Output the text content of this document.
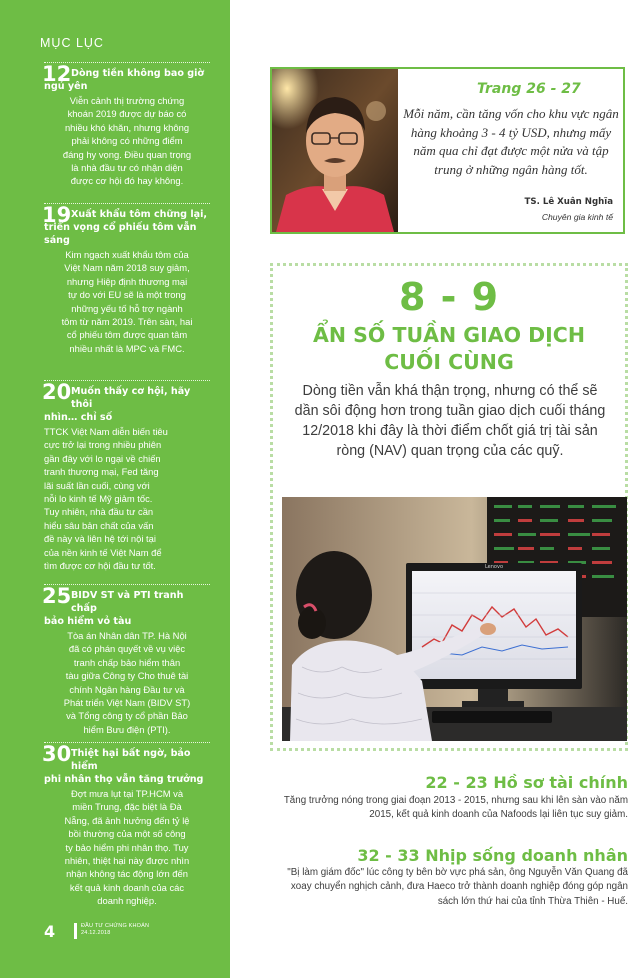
MỤC LỤC
12 Dòng tiền không bao giờ
ngủ yên
Viễn cảnh thị trường chứng
khoán 2019 được dự báo có
nhiều khó khăn, nhưng không
phải không có những điểm
đáng hy vọng. Điều quan trọng
là nhà đầu tư có nhận diện
được cơ hội đó hay không.
19 Xuất khẩu tôm chững lại,
triển vọng cổ phiếu tôm vẫn sáng
Kim ngạch xuất khẩu tôm của
Việt Nam năm 2018 suy giảm,
nhưng Hiệp định thương mại
tự do với EU sẽ là một trong
những yếu tố hỗ trợ ngành
tôm từ năm 2019. Trên sàn, hai
cổ phiếu tôm được quan tâm
nhiều nhất là MPC và FMC.
20 Muốn thấy cơ hội, hãy thôi
nhìn… chỉ số
TTCK Việt Nam diễn biến tiêu
cực trở lại trong nhiều phiên
gần đây với lo ngại về chiến
tranh thương mại, Fed tăng
lãi suất lần cuối, cùng với
nỗi lo kinh tế Mỹ giảm tốc.
Tuy nhiên, nhà đầu tư cần
hiểu sâu bản chất của vấn
đề này và liên hệ tới nội tại
của nền kinh tế Việt Nam để
tìm được cơ hội đầu tư tốt.
25 BIDV ST và PTI tranh chấp
bảo hiểm vỏ tàu
Tòa án Nhân dân TP. Hà Nội
đã có phán quyết về vụ việc
tranh chấp bảo hiểm thân
tàu giữa Công ty Cho thuê tài
chính Ngân hàng Đầu tư và
Phát triển Việt Nam (BIDV ST)
và Tổng công ty cổ phần Bảo
hiểm Bưu điện (PTI).
30 Thiệt hại bất ngờ, bảo hiểm
phi nhân thọ vẫn tăng trưởng
Đợt mưa lụt tại TP.HCM và
miền Trung, đặc biệt là Đà
Nẵng, đã ảnh hưởng đến tỷ lệ
bồi thường của một số công
ty bảo hiểm phi nhân thọ. Tuy
nhiên, thiệt hại này được nhìn
nhận không tác động lớn đến
kết quả kinh doanh của các
doanh nghiệp.
4	ĐẦU TƯ CHỨNG KHOÁN
24.12.2018
Trang 26 - 27
Mỗi năm, cần tăng vốn cho khu vực ngân hàng khoảng 3 - 4 tỷ USD, nhưng mấy năm qua chỉ đạt được một nửa và tập trung ở những ngân hàng tốt.
TS. Lê Xuân Nghĩa
Chuyên gia kinh tế
8 - 9
ẨN SỐ TUẦN GIAO DỊCH
CUỐI CÙNG
Dòng tiền vẫn khá thận trọng, nhưng có thể sẽ dần sôi động hơn trong tuần giao dịch cuối tháng 12/2018 khi đây là thời điểm chốt giá trị tài sản ròng (NAV) quan trọng của các quỹ.
Lenovo
22 - 23 Hồ sơ tài chính
Tăng trưởng nóng trong giai đoạn 2013 - 2015, nhưng sau khi lên sàn vào năm 2015, kết quả kinh doanh của Nafoods lại liên tục suy giảm.
32 - 33 Nhịp sống doanh nhân
"Bị làm giám đốc" lúc công ty bên bờ vực phá sản, ông Nguyễn Văn Quang đã xoay chuyển nghịch cảnh, đưa Haeco trở thành doanh nghiệp đóng góp ngân sách lớn thứ hai của tỉnh Thừa Thiên - Huế.
